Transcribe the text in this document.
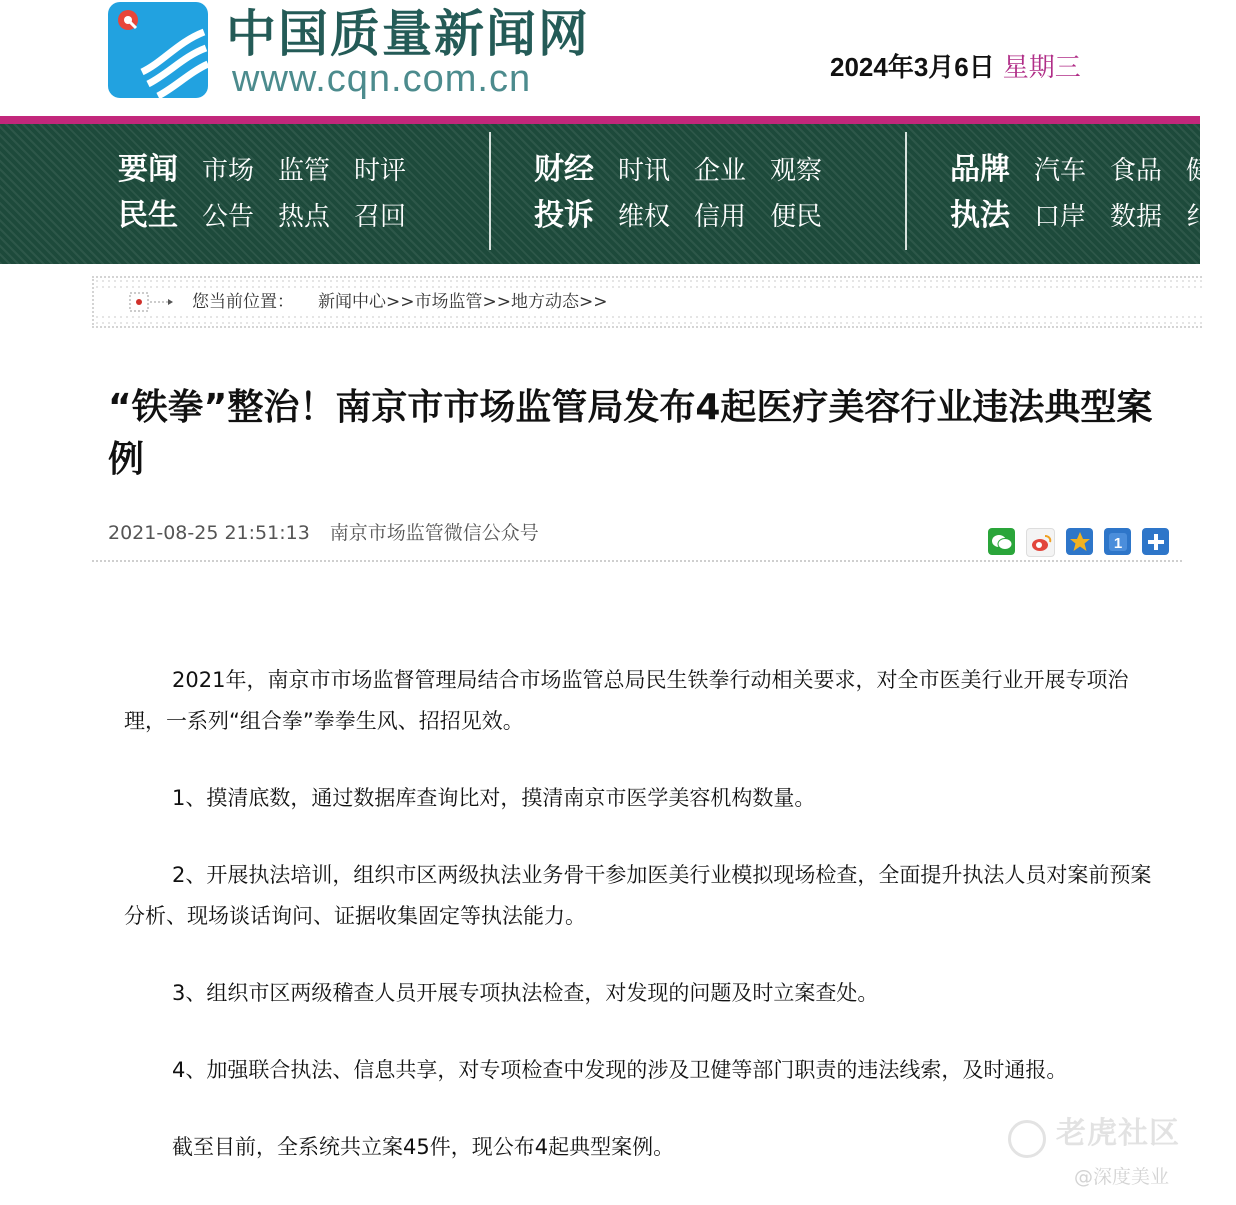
中国质量新闻网
www.cqn.com.cn	2024年3月6日 星期三
要闻 市场 监管 时评
民生 公告 热点 召回
财经 时讯 企业 观察
投诉 维权 信用 便民
品牌 汽车 食品 健
执法 口岸 数据 纟
您当前位置： 新闻中心>>市场监管>>地方动态>>
“铁拳”整治！南京市市场监管局发布4起医疗美容行业违法典型案例
2021-08-25 21:51:13 南京市场监管微信公众号	1

2021年，南京市市场监督管理局结合市场监管总局民生铁拳行动相关要求，对全市医美行业开展专项治理，一系列“组合拳”拳拳生风、招招见效。

1、摸清底数，通过数据库查询比对，摸清南京市医学美容机构数量。

2、开展执法培训，组织市区两级执法业务骨干参加医美行业模拟现场检查，全面提升执法人员对案前预案分析、现场谈话询问、证据收集固定等执法能力。

3、组织市区两级稽查人员开展专项执法检查，对发现的问题及时立案查处。

4、加强联合执法、信息共享，对专项检查中发现的涉及卫健等部门职责的违法线索，及时通报。

截至目前，全系统共立案45件，现公布4起典型案例。	老虎社区
@深度美业
